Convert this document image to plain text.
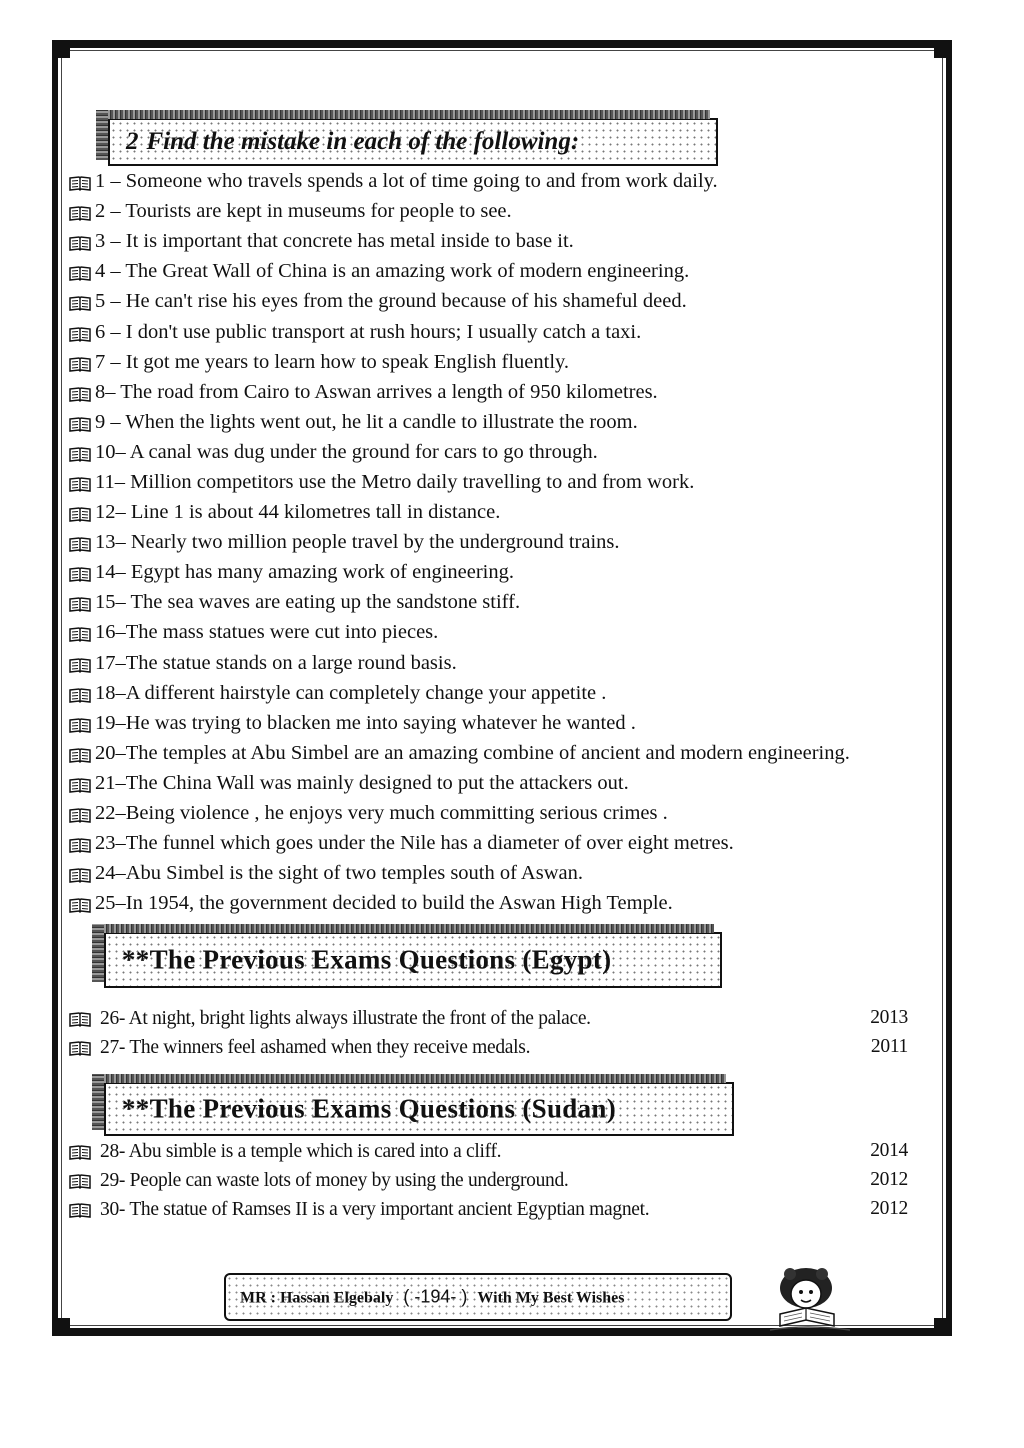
2 Find the mistake in each of the following:
1 – Someone who travels spends a lot of time going to and from work daily.
2 – Tourists are kept in museums for people to see.
3 – It is important that concrete has metal inside to base it.
4 – The Great Wall of China is an amazing work of modern engineering.
5 – He can't rise his eyes from the ground because of his shameful deed.
6 – I don't use public transport at rush hours; I usually catch a taxi.
7 – It got me years to learn how to speak English fluently.
8– The road from Cairo to Aswan arrives a length of 950 kilometres.
9 – When the lights went out, he lit a candle to illustrate the room.
10– A canal was dug under the ground for cars to go through.
11– Million competitors use the Metro daily travelling to and from work.
12– Line 1 is about 44 kilometres tall in distance.
13– Nearly two million people travel by the underground trains.
14– Egypt has many amazing work of engineering.
15– The sea waves are eating up the sandstone stiff.
16–The mass statues were cut into pieces.
17–The statue stands on a large round basis.
18–A different hairstyle can completely change your appetite .
19–He was trying to blacken me into saying whatever he wanted .
20–The temples at Abu Simbel are an amazing combine of ancient and modern engineering.
21–The China Wall was mainly designed to put the attackers out.
22–Being violence , he enjoys very much committing serious crimes .
23–The funnel which goes under the Nile has a diameter of over eight metres.
24–Abu Simbel is the sight of two temples south of Aswan.
25–In 1954, the government decided to build the Aswan High Temple.
**The Previous Exams Questions (Egypt)
26- At night, bright lights always illustrate the front of the palace.	2013
27- The winners feel ashamed when they receive medals.	2011
**The Previous Exams Questions (Sudan)
28- Abu simble is a temple which is cared into a cliff.	2014
29- People can waste lots of money by using the underground.	2012
30- The statue of Ramses II is a very important ancient Egyptian magnet.	2012
MR : Hassan Elgebaly ( -194- ) With My Best Wishes
